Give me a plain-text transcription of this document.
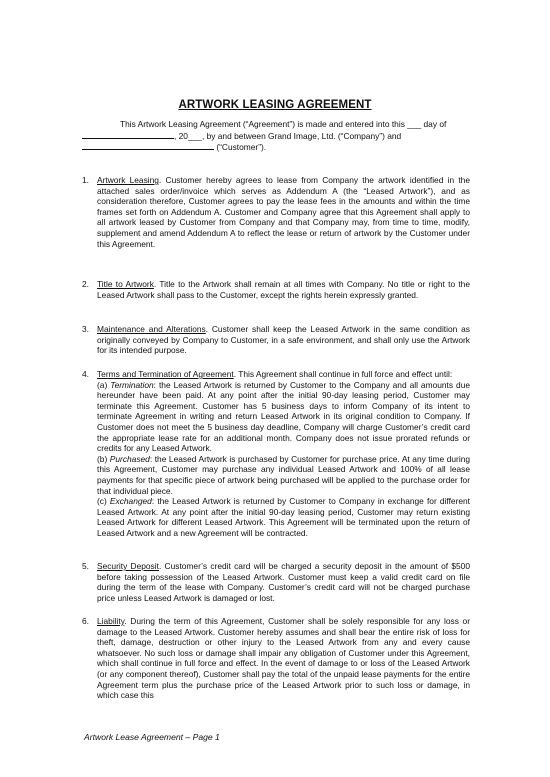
ARTWORK LEASING AGREEMENT

This Artwork Leasing Agreement (“Agreement”) is made and entered into this ___ day of

, 20___, by and between Grand Image, Ltd. (“Company”) and

(“Customer”).

1. Artwork Leasing. Customer hereby agrees to lease from Company the artwork identified in the attached sales order/invoice which serves as Addendum A (the “Leased Artwork”), and as consideration therefore, Customer agrees to pay the lease fees in the amounts and within the time frames set forth on Addendum A. Customer and Company agree that this Agreement shall apply to all artwork leased by Customer from Company and that Company may, from time to time, modify, supplement and amend Addendum A to reflect the lease or return of artwork by the Customer under this Agreement.

2. Title to Artwork. Title to the Artwork shall remain at all times with Company. No title or right to the Leased Artwork shall pass to the Customer, except the rights herein expressly granted.

3. Maintenance and Alterations. Customer shall keep the Leased Artwork in the same condition as originally conveyed by Company to Customer, in a safe environment, and shall only use the Artwork for its intended purpose.

4. Terms and Termination of Agreement. This Agreement shall continue in full force and effect until:

(a) Termination: the Leased Artwork is returned by Customer to the Company and all amounts due hereunder have been paid. At any point after the initial 90-day leasing period, Customer may terminate this Agreement. Customer has 5 business days to inform Company of its intent to terminate Agreement in writing and return Leased Artwork in its original condition to Company. If Customer does not meet the 5 business day deadline, Company will charge Customer’s credit card the appropriate lease rate for an additional month. Company does not issue prorated refunds or credits for any Leased Artwork.

(b) Purchased: the Leased Artwork is purchased by Customer for purchase price. At any time during this Agreement, Customer may purchase any individual Leased Artwork and 100% of all lease payments for that specific piece of artwork being purchased will be applied to the purchase order for that individual piece.

(c) Exchanged: the Leased Artwork is returned by Customer to Company in exchange for different Leased Artwork. At any point after the initial 90-day leasing period, Customer may return existing Leased Artwork for different Leased Artwork. This Agreement will be terminated upon the return of Leased Artwork and a new Agreement will be contracted.

5. Security Deposit. Customer’s credit card will be charged a security deposit in the amount of $500 before taking possession of the Leased Artwork. Customer must keep a valid credit card on file during the term of the lease with Company. Customer’s credit card will not be charged purchase price unless Leased Artwork is damaged or lost.

6. Liability. During the term of this Agreement, Customer shall be solely responsible for any loss or damage to the Leased Artwork. Customer hereby assumes and shall bear the entire risk of loss for theft, damage, destruction or other injury to the Leased Artwork from any and every cause whatsoever. No such loss or damage shall impair any obligation of Customer under this Agreement, which shall continue in full force and effect. In the event of damage to or loss of the Leased Artwork (or any component thereof), Customer shall pay the total of the unpaid lease payments for the entire Agreement term plus the purchase price of the Leased Artwork prior to such loss or damage, in which case this

Artwork Lease Agreement – Page 1
